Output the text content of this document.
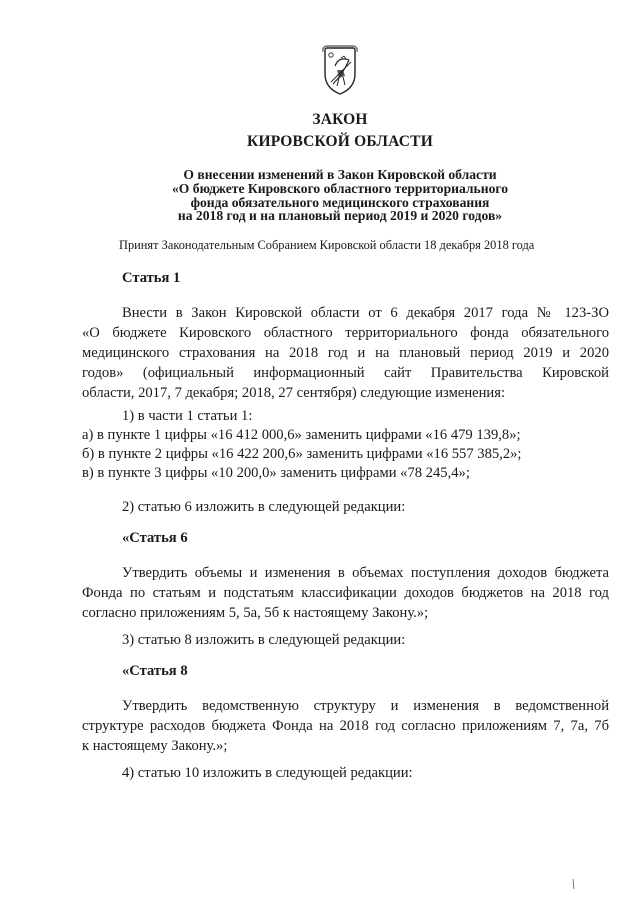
ЗАКОН
КИРОВСКОЙ ОБЛАСТИ
О внесении изменений в Закон Кировской области
«О бюджете Кировского областного территориального
фонда обязательного медицинского страхования
на 2018 год и на плановый период 2019 и 2020 годов»
Принят Законодательным Собранием Кировской области 18 декабря 2018 года
Статья 1
Внести в Закон Кировской области от 6 декабря 2017 года № 123-ЗО
«О бюджете Кировского областного территориального фонда обязательного
медицинского страхования на 2018 год и на плановый период 2019 и 2020
годов» (официальный информационный сайт Правительства Кировской
области, 2017, 7 декабря; 2018, 27 сентября) следующие изменения:
1) в части 1 статьи 1:
а) в пункте 1 цифры «16 412 000,6» заменить цифрами «16 479 139,8»;
б) в пункте 2 цифры «16 422 200,6» заменить цифрами «16 557 385,2»;
в) в пункте 3 цифры «10 200,0» заменить цифрами «78 245,4»;
2) статью 6 изложить в следующей редакции:
«Статья 6
Утвердить объемы и изменения в объемах поступления доходов бюджета
Фонда по статьям и подстатьям классификации доходов бюджетов на 2018 год
согласно приложениям 5, 5а, 5б к настоящему Закону.»;
3) статью 8 изложить в следующей редакции:
«Статья 8
Утвердить ведомственную структуру и изменения в ведомственной
структуре расходов бюджета Фонда на 2018 год согласно приложениям 7, 7а, 7б
к настоящему Закону.»;
4) статью 10 изложить в следующей редакции:
